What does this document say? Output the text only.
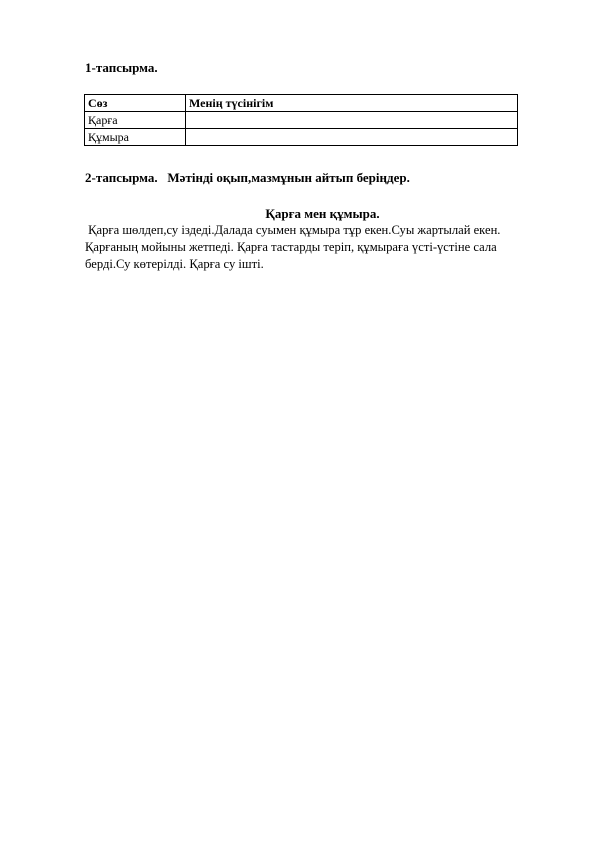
1-тапсырма.
Сөз	Менің түсінігім
Қарға	
Құмыра	
2-тапсырма.   Мәтінді оқып,мазмұнын айтып беріңдер.
Қарға мен құмыра.
Қарға шөлдеп,су іздеді.Далада суымен құмыра тұр екен.Суы жартылай екен.
Қарғаның мойыны жетпеді. Қарға тастарды теріп, құмыраға үсті-үстіне сала
берді.Су көтерілді. Қарға су ішті.
